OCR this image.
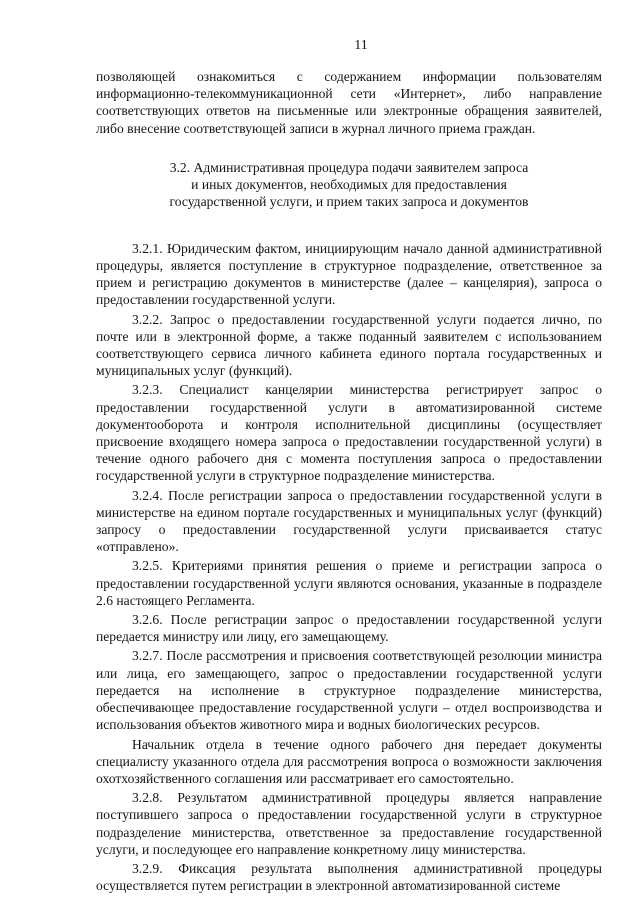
11

позволяющей ознакомиться с содержанием информации пользователям информационно-телекоммуникационной сети «Интернет», либо направление соответствующих ответов на письменные или электронные обращения заявителей, либо внесение соответствующей записи в журнал личного приема граждан.

3.2. Административная процедура подачи заявителем запроса
и иных документов, необходимых для предоставления
государственной услуги, и прием таких запроса и документов

3.2.1. Юридическим фактом, инициирующим начало данной административной процедуры, является поступление в структурное подразделение, ответственное за прием и регистрацию документов в министерстве (далее – канцелярия), запроса о предоставлении государственной услуги.

3.2.2. Запрос о предоставлении государственной услуги подается лично, по почте или в электронной форме, а также поданный заявителем с использованием соответствующего сервиса личного кабинета единого портала государственных и муниципальных услуг (функций).

3.2.3. Специалист канцелярии министерства регистрирует запрос о предоставлении государственной услуги в автоматизированной системе документооборота и контроля исполнительной дисциплины (осуществляет присвоение входящего номера запроса о предоставлении государственной услуги) в течение одного рабочего дня с момента поступления запроса о предоставлении государственной услуги в структурное подразделение министерства.

3.2.4. После регистрации запроса о предоставлении государственной услуги в министерстве на едином портале государственных и муниципальных услуг (функций) запросу о предоставлении государственной услуги присваивается статус «отправлено».

3.2.5. Критериями принятия решения о приеме и регистрации запроса о предоставлении государственной услуги являются основания, указанные в подразделе 2.6 настоящего Регламента.

3.2.6. После регистрации запрос о предоставлении государственной услуги передается министру или лицу, его замещающему.

3.2.7. После рассмотрения и присвоения соответствующей резолюции министра или лица, его замещающего, запрос о предоставлении государственной услуги передается на исполнение в структурное подразделение министерства, обеспечивающее предоставление государственной услуги – отдел воспроизводства и использования объектов животного мира и водных биологических ресурсов.

Начальник отдела в течение одного рабочего дня передает документы специалисту указанного отдела для рассмотрения вопроса о возможности заключения охотхозяйственного соглашения или рассматривает его самостоятельно.

3.2.8. Результатом административной процедуры является направление поступившего запроса о предоставлении государственной услуги в структурное подразделение министерства, ответственное за предоставление государственной услуги, и последующее его направление конкретному лицу министерства.

3.2.9. Фиксация результата выполнения административной процедуры осуществляется путем регистрации в электронной автоматизированной системе
